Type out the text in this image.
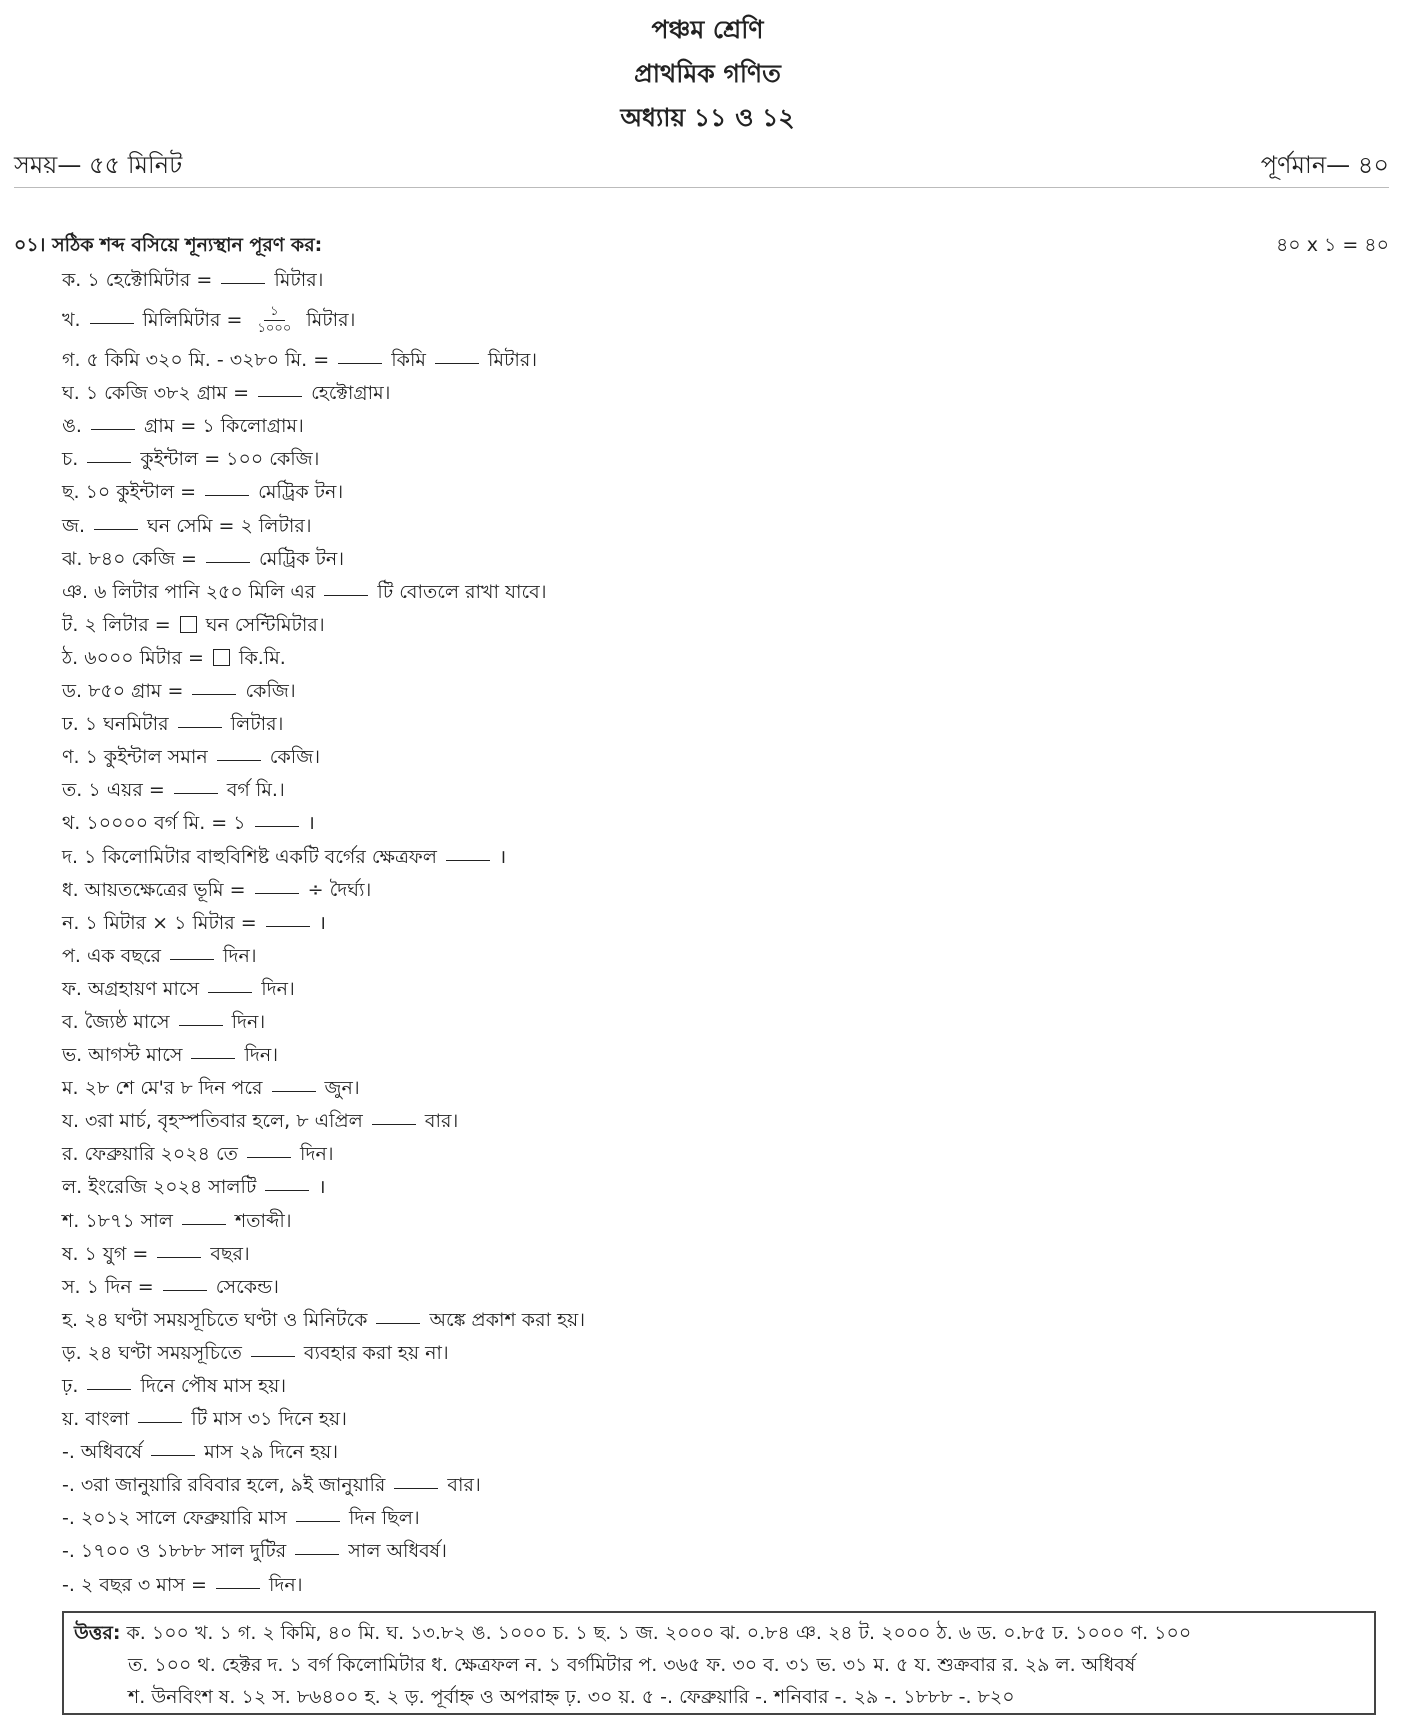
পঞ্চম শ্রেণি
প্রাথমিক গণিত
অধ্যায় ১১ ও ১২
সময়— ৫৫ মিনিট	পূর্ণমান— ৪০
০১। সঠিক শব্দ বসিয়ে শূন্যস্থান পূরণ কর:	৪০ x ১ = ৪০
ক. ১ হেক্টোমিটার =	মিটার।
খ.	মিলিমিটার = $\frac{১}{১০০০}$ মিটার।
গ. ৫ কিমি ৩২০ মি. - ৩২৮০ মি. =	কিমি	মিটার।
ঘ. ১ কেজি ৩৮২ গ্রাম =	হেক্টোগ্রাম।
ঙ.	গ্রাম = ১ কিলোগ্রাম।
চ.	কুইন্টাল = ১০০ কেজি।
ছ. ১০ কুইন্টাল =	মেট্রিক টন।
জ.	ঘন সেমি = ২ লিটার।
ঝ. ৮৪০ কেজি =	মেট্রিক টন।
ঞ. ৬ লিটার পানি ২৫০ মিলি এর	টি বোতলে রাখা যাবে।
ট. ২ লিটার =  ঘন সেন্টিমিটার।
ঠ. ৬০০০ মিটার =  কি.মি.
ড. ৮৫০ গ্রাম =	কেজি।
ঢ. ১ ঘনমিটার	লিটার।
ণ. ১ কুইন্টাল সমান	কেজি।
ত. ১ এয়র =	বর্গ মি.।
থ. ১০০০০ বর্গ মি. = ১	।
দ. ১ কিলোমিটার বাহুবিশিষ্ট একটি বর্গের ক্ষেত্রফল	।
ধ. আয়তক্ষেত্রের ভূমি =	÷ দৈর্ঘ্য।
ন. ১ মিটার × ১ মিটার =	।
প. এক বছরে	দিন।
ফ. অগ্রহায়ণ মাসে	দিন।
ব. জ্যৈষ্ঠ মাসে	দিন।
ভ. আগস্ট মাসে	দিন।
ম. ২৮ শে মে'র ৮ দিন পরে	জুন।
য. ৩রা মার্চ, বৃহস্পতিবার হলে, ৮ এপ্রিল	বার।
র. ফেব্রুয়ারি ২০২৪ তে	দিন।
ল. ইংরেজি ২০২৪ সালটি	।
শ. ১৮৭১ সাল	শতাব্দী।
ষ. ১ যুগ =	বছর।
স. ১ দিন =	সেকেন্ড।
হ. ২৪ ঘণ্টা সময়সূচিতে ঘণ্টা ও মিনিটকে	অঙ্কে প্রকাশ করা হয়।
ড়. ২৪ ঘণ্টা সময়সূচিতে	ব্যবহার করা হয় না।
ঢ়.	দিনে পৌষ মাস হয়।
য়. বাংলা	টি মাস ৩১ দিনে হয়।
-. অধিবর্ষে	মাস ২৯ দিনে হয়।
-. ৩রা জানুয়ারি রবিবার হলে, ৯ই জানুয়ারি	বার।
-. ২০১২ সালে ফেব্রুয়ারি মাস	দিন ছিল।
-. ১৭০০ ও ১৮৮৮ সাল দুটির	সাল অধিবর্ষ।
-. ২ বছর ৩ মাস =	দিন।
উত্তর: ক. ১০০ খ. ১ গ. ২ কিমি, ৪০ মি. ঘ. ১৩.৮২ ঙ. ১০০০ চ. ১ ছ. ১ জ. ২০০০ ঝ. ০.৮৪ ঞ. ২৪ ট. ২০০০ ঠ. ৬ ড. ০.৮৫ ঢ. ১০০০ ণ. ১০০
ত. ১০০ থ. হেক্টর দ. ১ বর্গ কিলোমিটার ধ. ক্ষেত্রফল ন. ১ বর্গমিটার প. ৩৬৫ ফ. ৩০ ব. ৩১ ভ. ৩১ ম. ৫ য. শুক্রবার র. ২৯ ল. অধিবর্ষ
শ. উনবিংশ ষ. ১২ স. ৮৬৪০০ হ. ২ ড়. পূর্বাহ্ন ও অপরাহ্ন ঢ়. ৩০ য়. ৫ -. ফেব্রুয়ারি -. শনিবার -. ২৯ -. ১৮৮৮ -. ৮২০
